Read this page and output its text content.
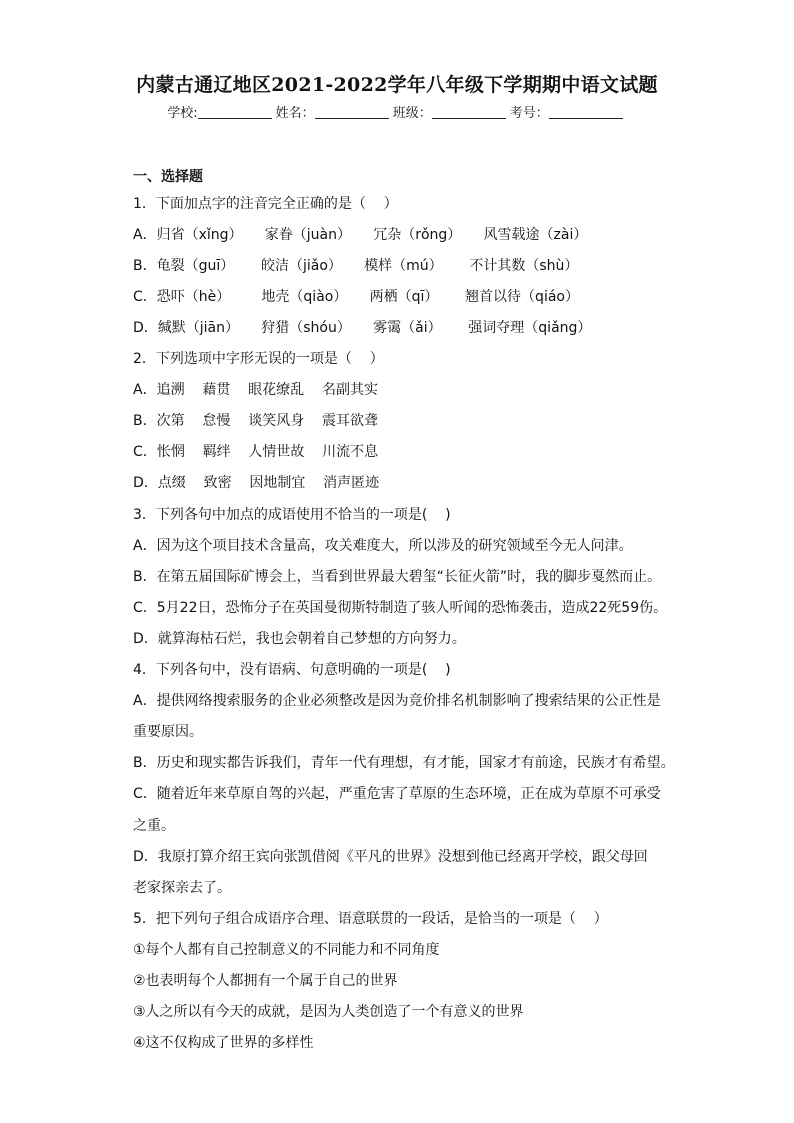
内蒙古通辽地区2021-2022学年八年级下学期期中语文试题
学校:	姓名：	班级：	考号：
一、选择题
1．下面加点字的注音完全正确的是（    ）
A．归省（xǐng）     家眷（juàn）     冗杂（rǒng）     风雪载途（zài）
B．龟裂（guī）      皎洁（jiǎo）     模样（mú）      不计其数（shù）
C．恐吓（hè）       地壳（qiào）     两栖（qī）      翘首以待（qiáo）
D．缄默（jiān）     狩猎（shóu）     雾霭（ǎi）      强词夺理（qiǎng）
2．下列选项中字形无误的一项是（    ）
A．追溯    藉贯    眼花缭乱    名副其实
B．次第    怠慢    谈笑风身    震耳欲聋
C．怅惘    羁绊    人情世故    川流不息
D．点缀    致密    因地制宜    消声匿迹
3．下列各句中加点的成语使用不恰当的一项是(    )
A．因为这个项目技术含量高，攻关难度大，所以涉及的研究领域至今无人问津。
B．在第五届国际矿博会上，当看到世界最大碧玺“长征火箭”时，我的脚步戛然而止。
C．5月22日，恐怖分子在英国曼彻斯特制造了骇人听闻的恐怖袭击，造成22死59伤。
D．就算海枯石烂，我也会朝着自己梦想的方向努力。
4．下列各句中，没有语病、句意明确的一项是(    )
A．提供网络搜索服务的企业必须整改是因为竞价排名机制影响了搜索结果的公正性是
重要原因。
B．历史和现实都告诉我们，青年一代有理想，有才能，国家才有前途，民族才有希望。
C．随着近年来草原自驾的兴起，严重危害了草原的生态环境，正在成为草原不可承受
之重。
D．我原打算介绍王宾向张凯借阅《平凡的世界》没想到他已经离开学校，跟父母回
老家探亲去了。
5．把下列句子组合成语序合理、语意联贯的一段话，是恰当的一项是（    ）
①每个人都有自己控制意义的不同能力和不同角度
②也表明每个人都拥有一个属于自己的世界
③人之所以有今天的成就，是因为人类创造了一个有意义的世界
④这不仅构成了世界的多样性
